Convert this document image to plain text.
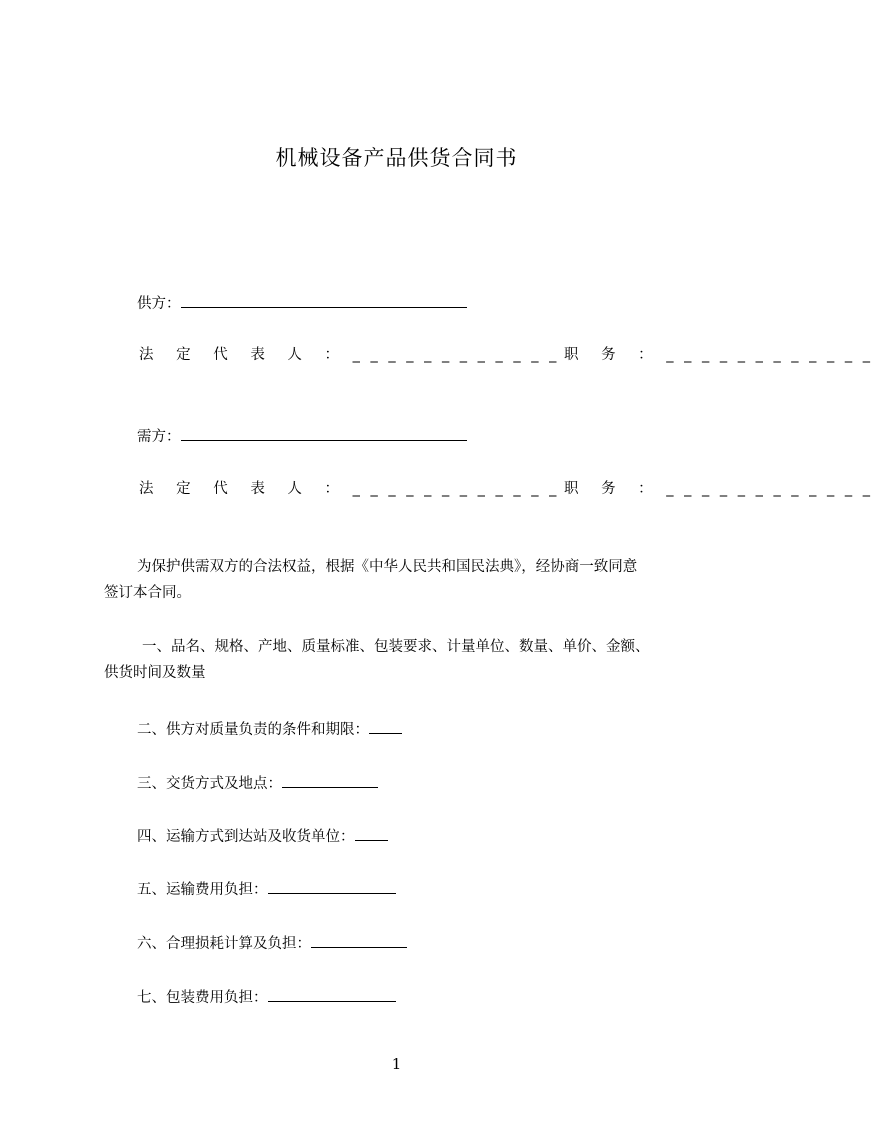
机械设备产品供货合同书
供方：
法 定 代 表 人 ： _ _ _ _ _ _ _ _ _ _ _ _ 职 务 ： _ _ _ _ _ _ _ _ _ _ _ _
需方：
法 定 代 表 人 ： _ _ _ _ _ _ _ _ _ _ _ _ 职 务 ： _ _ _ _ _ _ _ _ _ _ _ _
为保护供需双方的合法权益，根据《中华人民共和国民法典》，经协商一致同意
签订本合同。
一、品名、规格、产地、质量标准、包装要求、计量单位、数量、单价、金额、
供货时间及数量
二、供方对质量负责的条件和期限：
三、交货方式及地点：
四、运输方式到达站及收货单位：
五、运输费用负担：
六、合理损耗计算及负担：
七、包装费用负担：
1
